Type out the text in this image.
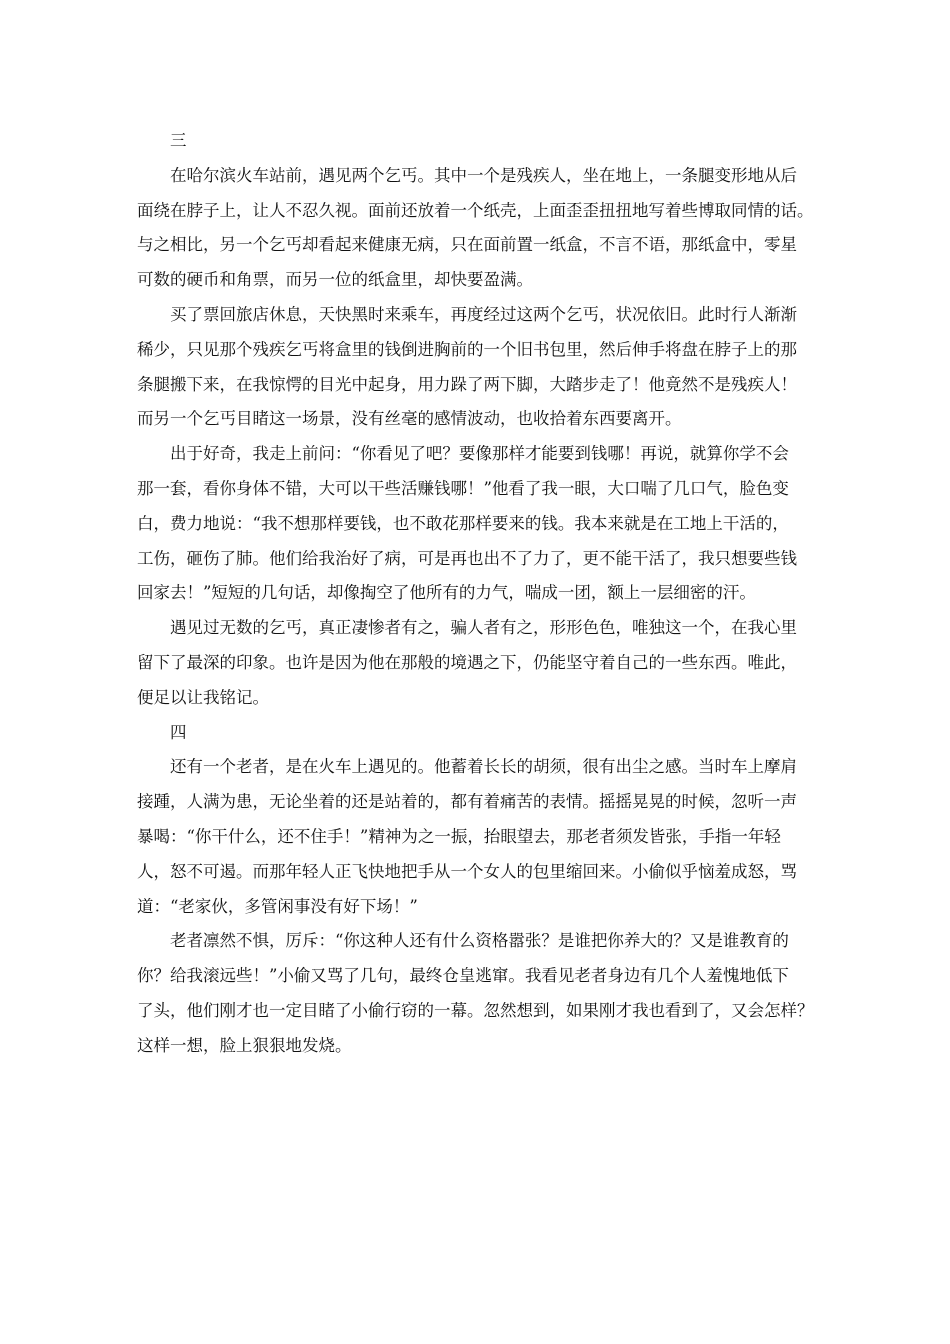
三

在哈尔滨火车站前，遇见两个乞丐。其中一个是残疾人，坐在地上，一条腿变形地从后
面绕在脖子上，让人不忍久视。面前还放着一个纸壳，上面歪歪扭扭地写着些博取同情的话。
与之相比，另一个乞丐却看起来健康无病，只在面前置一纸盒，不言不语，那纸盒中，零星
可数的硬币和角票，而另一位的纸盒里，却快要盈满。

买了票回旅店休息，天快黑时来乘车，再度经过这两个乞丐，状况依旧。此时行人渐渐
稀少，只见那个残疾乞丐将盒里的钱倒进胸前的一个旧书包里，然后伸手将盘在脖子上的那
条腿搬下来，在我惊愕的目光中起身，用力跺了两下脚，大踏步走了！他竟然不是残疾人！
而另一个乞丐目睹这一场景，没有丝毫的感情波动，也收拾着东西要离开。

出于好奇，我走上前问：“你看见了吧？要像那样才能要到钱哪！再说，就算你学不会
那一套，看你身体不错，大可以干些活赚钱哪！”他看了我一眼，大口喘了几口气，脸色变
白，费力地说：“我不想那样要钱，也不敢花那样要来的钱。我本来就是在工地上干活的，
工伤，砸伤了肺。他们给我治好了病，可是再也出不了力了，更不能干活了，我只想要些钱
回家去！”短短的几句话，却像掏空了他所有的力气，喘成一团，额上一层细密的汗。

遇见过无数的乞丐，真正凄惨者有之，骗人者有之，形形色色，唯独这一个，在我心里
留下了最深的印象。也许是因为他在那般的境遇之下，仍能坚守着自己的一些东西。唯此，
便足以让我铭记。

四

还有一个老者，是在火车上遇见的。他蓄着长长的胡须，很有出尘之感。当时车上摩肩
接踵，人满为患，无论坐着的还是站着的，都有着痛苦的表情。摇摇晃晃的时候，忽听一声
暴喝：“你干什么，还不住手！”精神为之一振，抬眼望去，那老者须发皆张，手指一年轻
人，怒不可遏。而那年轻人正飞快地把手从一个女人的包里缩回来。小偷似乎恼羞成怒，骂
道：“老家伙，多管闲事没有好下场！”

老者凛然不惧，厉斥：“你这种人还有什么资格嚣张？是谁把你养大的？又是谁教育的
你？给我滚远些！”小偷又骂了几句，最终仓皇逃窜。我看见老者身边有几个人羞愧地低下
了头，他们刚才也一定目睹了小偷行窃的一幕。忽然想到，如果刚才我也看到了，又会怎样？
这样一想，脸上狠狠地发烧。
